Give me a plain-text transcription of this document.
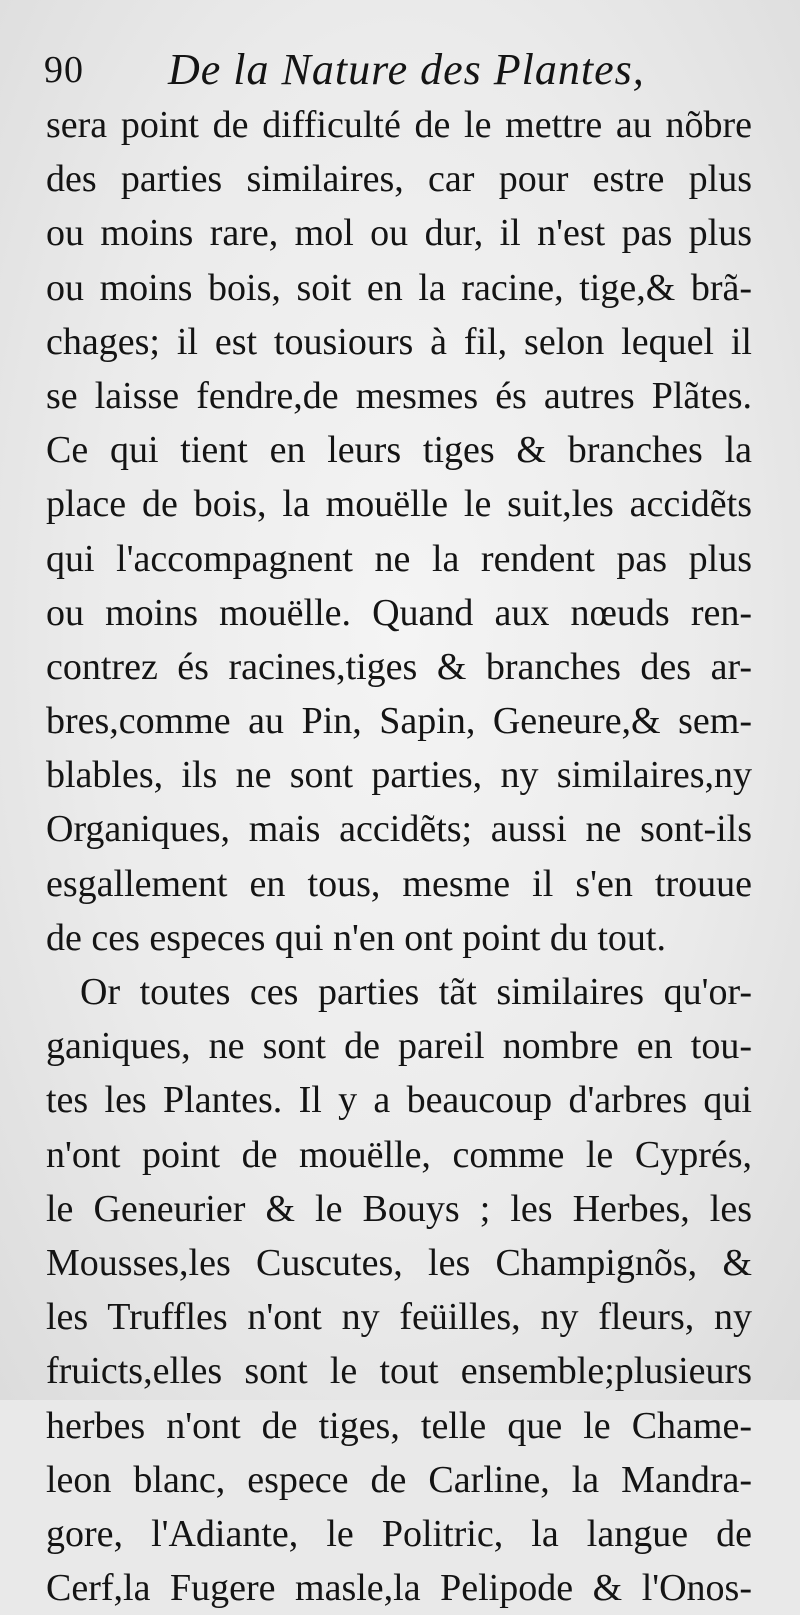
90 De la Nature des Plantes,
sera point de difficulté de le mettre au nõbre
des parties similaires, car pour estre plus
ou moins rare, mol ou dur, il n'est pas plus
ou moins bois, soit en la racine, tige,& brã-
chages; il est tousiours à fil, selon lequel il
se laisse fendre,de mesmes és autres Plãtes.
Ce qui tient en leurs tiges & branches la
place de bois, la mouëlle le suit,les accidẽts
qui l'accompagnent ne la rendent pas plus
ou moins mouëlle. Quand aux nœuds ren-
contrez és racines,tiges & branches des ar-
bres,comme au Pin, Sapin, Geneure,& sem-
blables, ils ne sont parties, ny similaires,ny
Organiques, mais accidẽts; aussi ne sont-ils
esgallement en tous, mesme il s'en trouue
de ces especes qui n'en ont point du tout.
Or toutes ces parties tãt similaires qu'or-
ganiques, ne sont de pareil nombre en tou-
tes les Plantes. Il y a beaucoup d'arbres qui
n'ont point de mouëlle, comme le Cyprés,
le Geneurier & le Bouys ; les Herbes, les
Mousses,les Cuscutes, les Champignõs, &
les Truffles n'ont ny feüilles, ny fleurs, ny
fruicts,elles sont le tout ensemble;plusieurs
herbes n'ont de tiges, telle que le Chame-
leon blanc, espece de Carline, la Mandra-
gore, l'Adiante, le Politric, la langue de
Cerf,la Fugere masle,la Pelipode & l'Onos-
